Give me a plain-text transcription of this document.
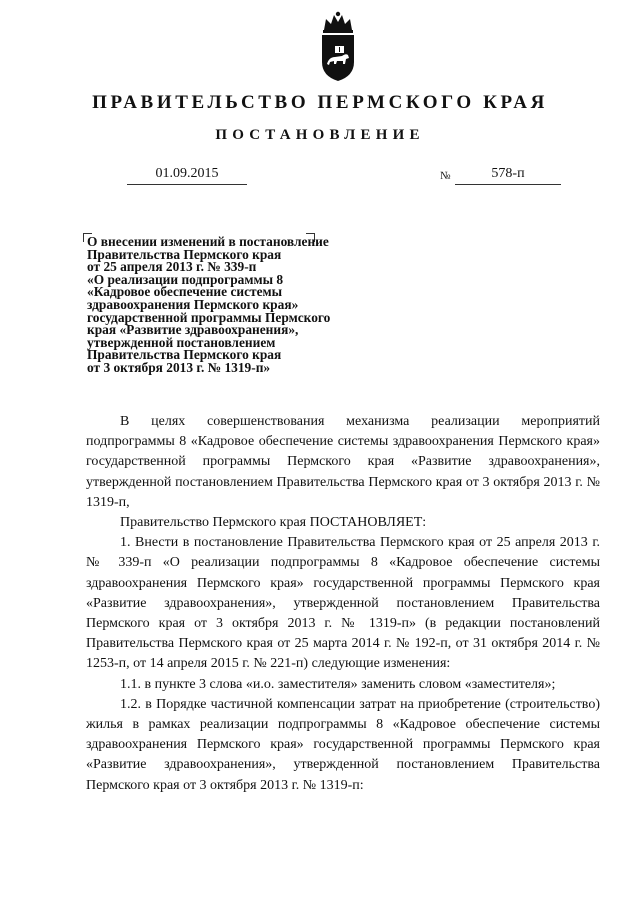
ПРАВИТЕЛЬСТВО ПЕРМСКОГО КРАЯ
ПОСТАНОВЛЕНИЕ
01.09.2015	№	578-п
О внесении изменений в постановление
Правительства Пермского края
от 25 апреля 2013 г. № 339-п
«О реализации подпрограммы 8
«Кадровое обеспечение системы
здравоохранения Пермского края»
государственной программы Пермского
края «Развитие здравоохранения»,
утвержденной постановлением
Правительства Пермского края
от 3 октября 2013 г. № 1319-п»

В целях совершенствования механизма реализации мероприятий подпрограммы 8 «Кадровое обеспечение системы здравоохранения Пермского края» государственной программы Пермского края «Развитие здравоохранения», утвержденной постановлением Правительства Пермского края от 3 октября 2013 г. № 1319-п,

Правительство Пермского края ПОСТАНОВЛЯЕТ:

1. Внести в постановление Правительства Пермского края от 25 апреля 2013 г. № 339-п «О реализации подпрограммы 8 «Кадровое обеспечение системы здравоохранения Пермского края» государственной программы Пермского края «Развитие здравоохранения», утвержденной постановлением Правительства Пермского края от 3 октября 2013 г. № 1319-п» (в редакции постановлений Правительства Пермского края от 25 марта 2014 г. № 192-п, от 31 октября 2014 г. № 1253-п, от 14 апреля 2015 г. № 221-п) следующие изменения:

1.1. в пункте 3 слова «и.о. заместителя» заменить словом «заместителя»;

1.2. в Порядке частичной компенсации затрат на приобретение (строительство) жилья в рамках реализации подпрограммы 8 «Кадровое обеспечение системы здравоохранения Пермского края» государственной программы Пермского края «Развитие здравоохранения», утвержденной постановлением Правительства Пермского края от 3 октября 2013 г. № 1319-п:
